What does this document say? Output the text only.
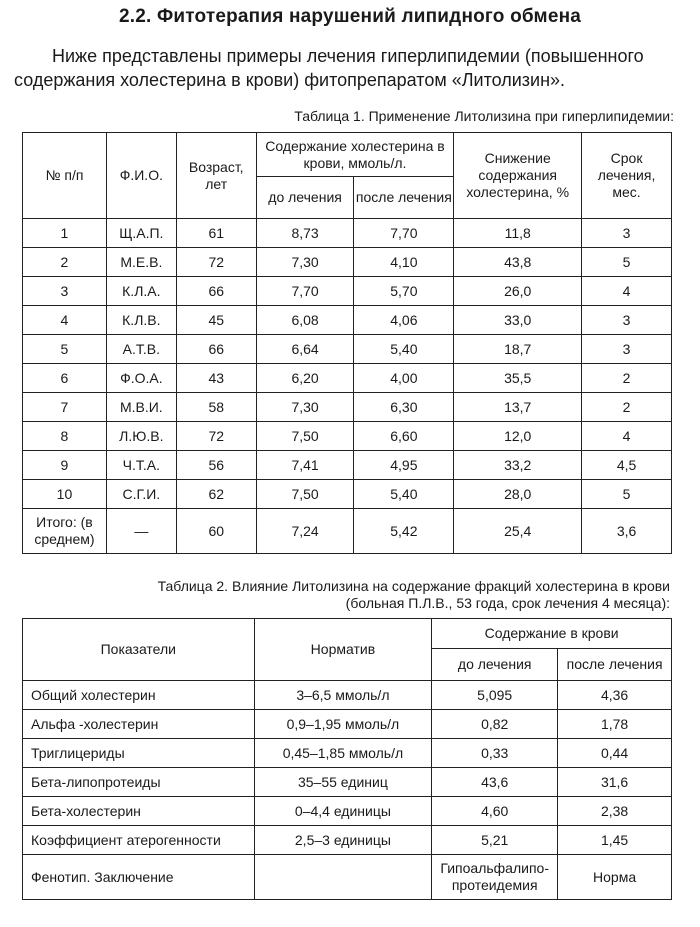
2.2. Фитотерапия нарушений липидного обмена
Ниже представлены примеры лечения гиперлипидемии (повышенного содержания холестерина в крови) фитопрепаратом «Литолизин».
Таблица 1. Применение Литолизина при гиперлипидемии:
№ п/п	Ф.И.О.	Возраст, лет	Содержание холестерина в крови, ммоль/л.		Снижение содержания холестерина, %	Срок лечения, мес.
			до лечения	после лечения		
1	Щ.А.П.	61	8,73	7,70	11,8	3
2	М.Е.В.	72	7,30	4,10	43,8	5
3	К.Л.А.	66	7,70	5,70	26,0	4
4	К.Л.В.	45	6,08	4,06	33,0	3
5	А.Т.В.	66	6,64	5,40	18,7	3
6	Ф.О.А.	43	6,20	4,00	35,5	2
7	М.В.И.	58	7,30	6,30	13,7	2
8	Л.Ю.В.	72	7,50	6,60	12,0	4
9	Ч.Т.А.	56	7,41	4,95	33,2	4,5
10	С.Г.И.	62	7,50	5,40	28,0	5
Итого: (в среднем)	—	60	7,24	5,42	25,4	3,6
Таблица 2. Влияние Литолизина на содержание фракций холестерина в крови (больная П.Л.В., 53 года, срок лечения 4 месяца):
Показатели	Норматив	Содержание в крови	
		до лечения	после лечения
Общий холестерин	3–6,5 ммоль/л	5,095	4,36
Альфа -холестерин	0,9–1,95 ммоль/л	0,82	1,78
Триглицериды	0,45–1,85 ммоль/л	0,33	0,44
Бета-липопротеиды	35–55 единиц	43,6	31,6
Бета-холестерин	0–4,4 единицы	4,60	2,38
Коэффициент атерогенности	2,5–3 единицы	5,21	1,45
Фенотип. Заключение		Гипоальфалипо- протеидемия	Норма
